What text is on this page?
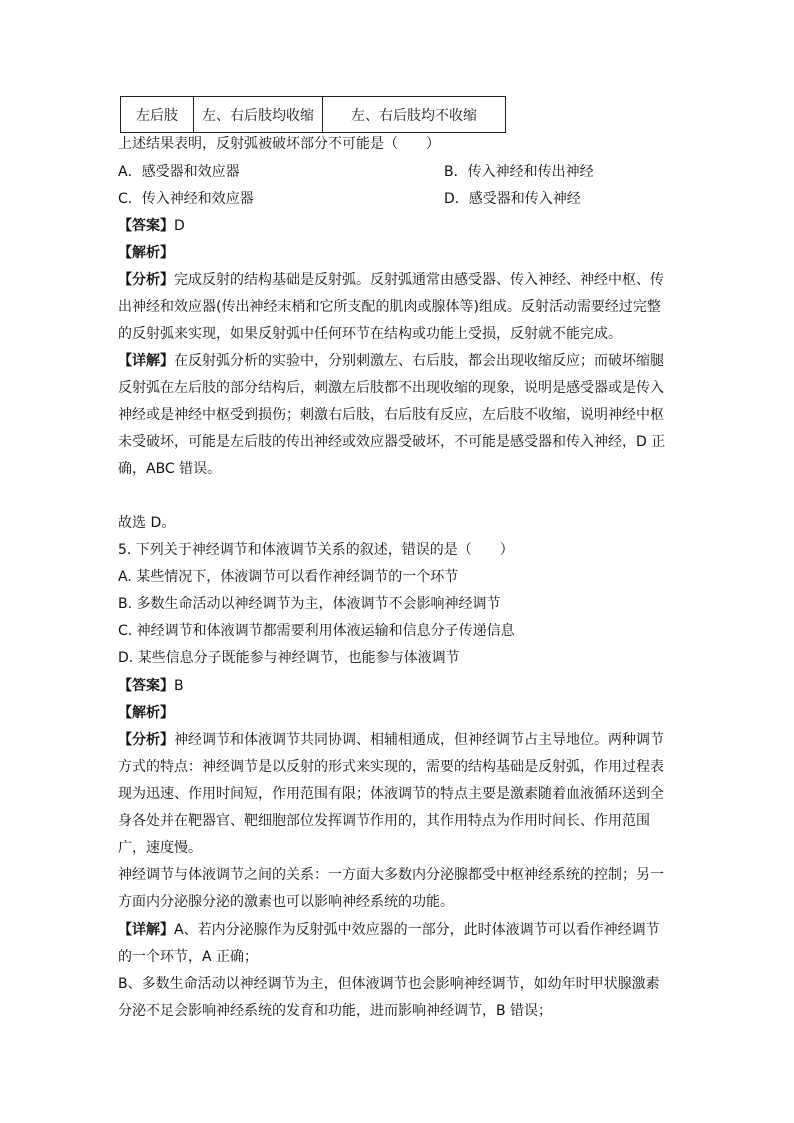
左后肢	左、右后肢均收缩	左、右后肢均不收缩
上述结果表明，反射弧被破坏部分不可能是（　　）
A．感受器和效应器	B．传入神经和传出神经
C．传入神经和效应器	D．感受器和传入神经
【答案】D
【解析】
【分析】完成反射的结构基础是反射弧。反射弧通常由感受器、传入神经、神经中枢、传
出神经和效应器(传出神经末梢和它所支配的肌肉或腺体等)组成。反射活动需要经过完整
的反射弧来实现，如果反射弧中任何环节在结构或功能上受损，反射就不能完成。
【详解】在反射弧分析的实验中，分别刺激左、右后肢，都会出现收缩反应；而破坏缩腿
反射弧在左后肢的部分结构后，刺激左后肢都不出现收缩的现象，说明是感受器或是传入
神经或是神经中枢受到损伤；刺激右后肢，右后肢有反应，左后肢不收缩，说明神经中枢
未受破坏，可能是左后肢的传出神经或效应器受破坏，不可能是感受器和传入神经，D 正
确，ABC 错误。
故选 D。
5. 下列关于神经调节和体液调节关系的叙述，错误的是（　　）
A. 某些情况下，体液调节可以看作神经调节的一个环节
B. 多数生命活动以神经调节为主，体液调节不会影响神经调节
C. 神经调节和体液调节都需要利用体液运输和信息分子传递信息
D. 某些信息分子既能参与神经调节，也能参与体液调节
【答案】B
【解析】
【分析】神经调节和体液调节共同协调、相辅相通成，但神经调节占主导地位。两种调节
方式的特点：神经调节是以反射的形式来实现的，需要的结构基础是反射弧，作用过程表
现为迅速、作用时间短，作用范围有限；体液调节的特点主要是激素随着血液循环送到全
身各处并在靶器官、靶细胞部位发挥调节作用的，其作用特点为作用时间长、作用范围
广，速度慢。
神经调节与体液调节之间的关系：一方面大多数内分泌腺都受中枢神经系统的控制；另一
方面内分泌腺分泌的激素也可以影响神经系统的功能。
【详解】A、若内分泌腺作为反射弧中效应器的一部分，此时体液调节可以看作神经调节
的一个环节，A 正确；
B、多数生命活动以神经调节为主，但体液调节也会影响神经调节，如幼年时甲状腺激素
分泌不足会影响神经系统的发育和功能，进而影响神经调节，B 错误；
